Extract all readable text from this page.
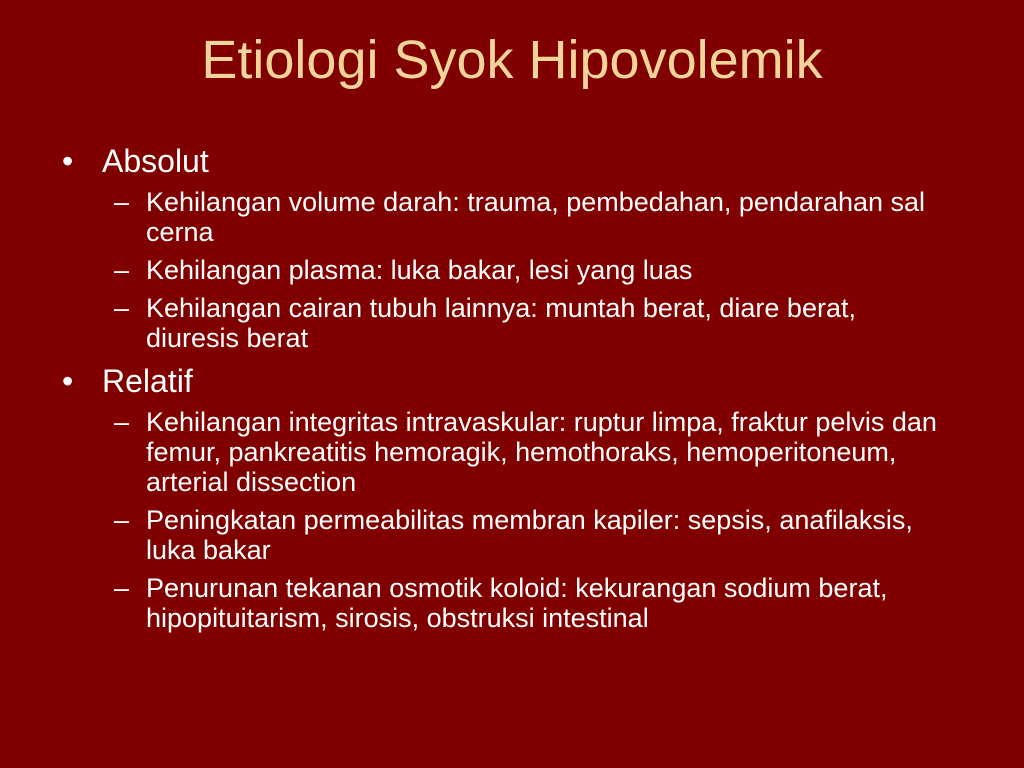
Etiologi Syok Hipovolemik
• Absolut
– Kehilangan volume darah: trauma, pembedahan, pendarahan sal cerna
– Kehilangan plasma: luka bakar, lesi yang luas
– Kehilangan cairan tubuh lainnya: muntah berat, diare berat, diuresis berat
• Relatif
– Kehilangan integritas intravaskular: ruptur limpa, fraktur pelvis dan femur, pankreatitis hemoragik, hemothoraks, hemoperitoneum, arterial dissection
– Peningkatan permeabilitas membran kapiler: sepsis, anafilaksis, luka bakar
– Penurunan tekanan osmotik koloid: kekurangan sodium berat, hipopituitarism, sirosis, obstruksi intestinal
